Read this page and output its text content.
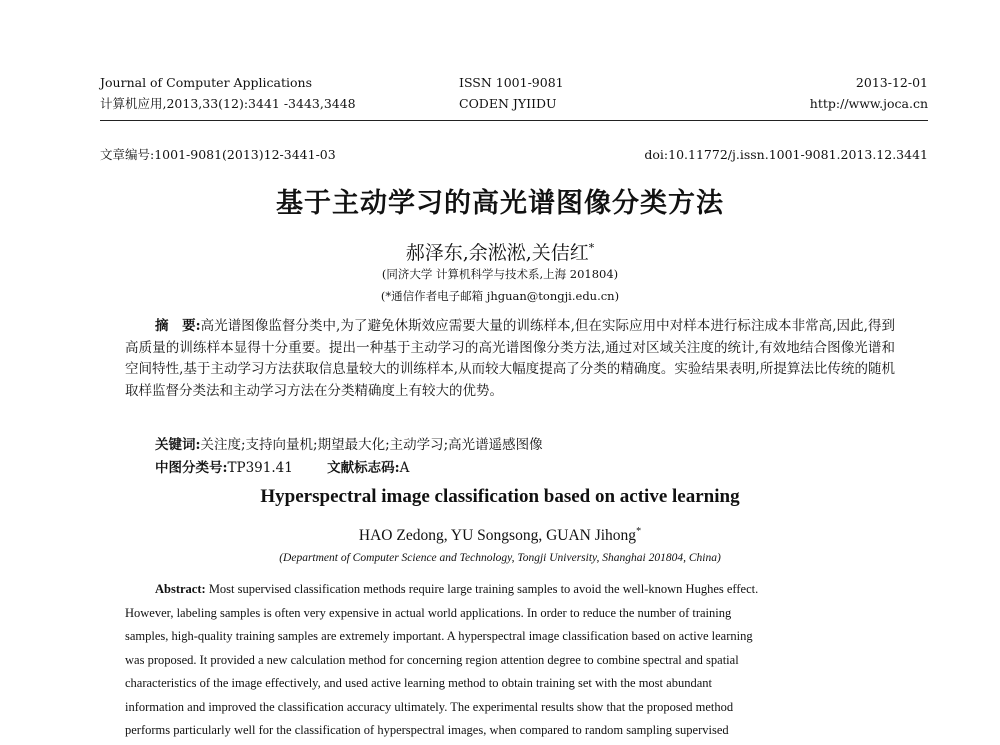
Journal of Computer Applications
计算机应用,2013,33(12):3441 -3443,3448
ISSN 1001-9081
CODEN JYIIDU
2013-12-01
http://www.joca.cn
文章编号:1001-9081(2013)12-3441-03	doi:10.11772/j.issn.1001-9081.2013.12.3441
基于主动学习的高光谱图像分类方法
郝泽东,余淞淞,关佶红*
(同济大学 计算机科学与技术系,上海 201804)
(*通信作者电子邮箱 jhguan@tongji.edu.cn)
摘　要:高光谱图像监督分类中,为了避免休斯效应需要大量的训练样本,但在实际应用中对样本进行标注成本非常高,因此,得到高质量的训练样本显得十分重要。提出一种基于主动学习的高光谱图像分类方法,通过对区域关注度的统计,有效地结合图像光谱和空间特性,基于主动学习方法获取信息量较大的训练样本,从而较大幅度提高了分类的精确度。实验结果表明,所提算法比传统的随机取样监督分类法和主动学习方法在分类精确度上有较大的优势。
关键词:关注度;支持向量机;期望最大化;主动学习;高光谱遥感图像
中图分类号:TP391.41	文献标志码:A
Hyperspectral image classification based on active learning
HAO Zedong, YU Songsong, GUAN Jihong*
(Department of Computer Science and Technology, Tongji University, Shanghai 201804, China)
Abstract: Most supervised classification methods require large training samples to avoid the well-known Hughes effect.
However, labeling samples is often very expensive in actual world applications. In order to reduce the number of training
samples, high-quality training samples are extremely important. A hyperspectral image classification based on active learning
was proposed. It provided a new calculation method for concerning region attention degree to combine spectral and spatial
characteristics of the image effectively, and used active learning method to obtain training set with the most abundant
information and improved the classification accuracy ultimately. The experimental results show that the proposed method
performs particularly well for the classification of hyperspectral images, when compared to random sampling supervised
